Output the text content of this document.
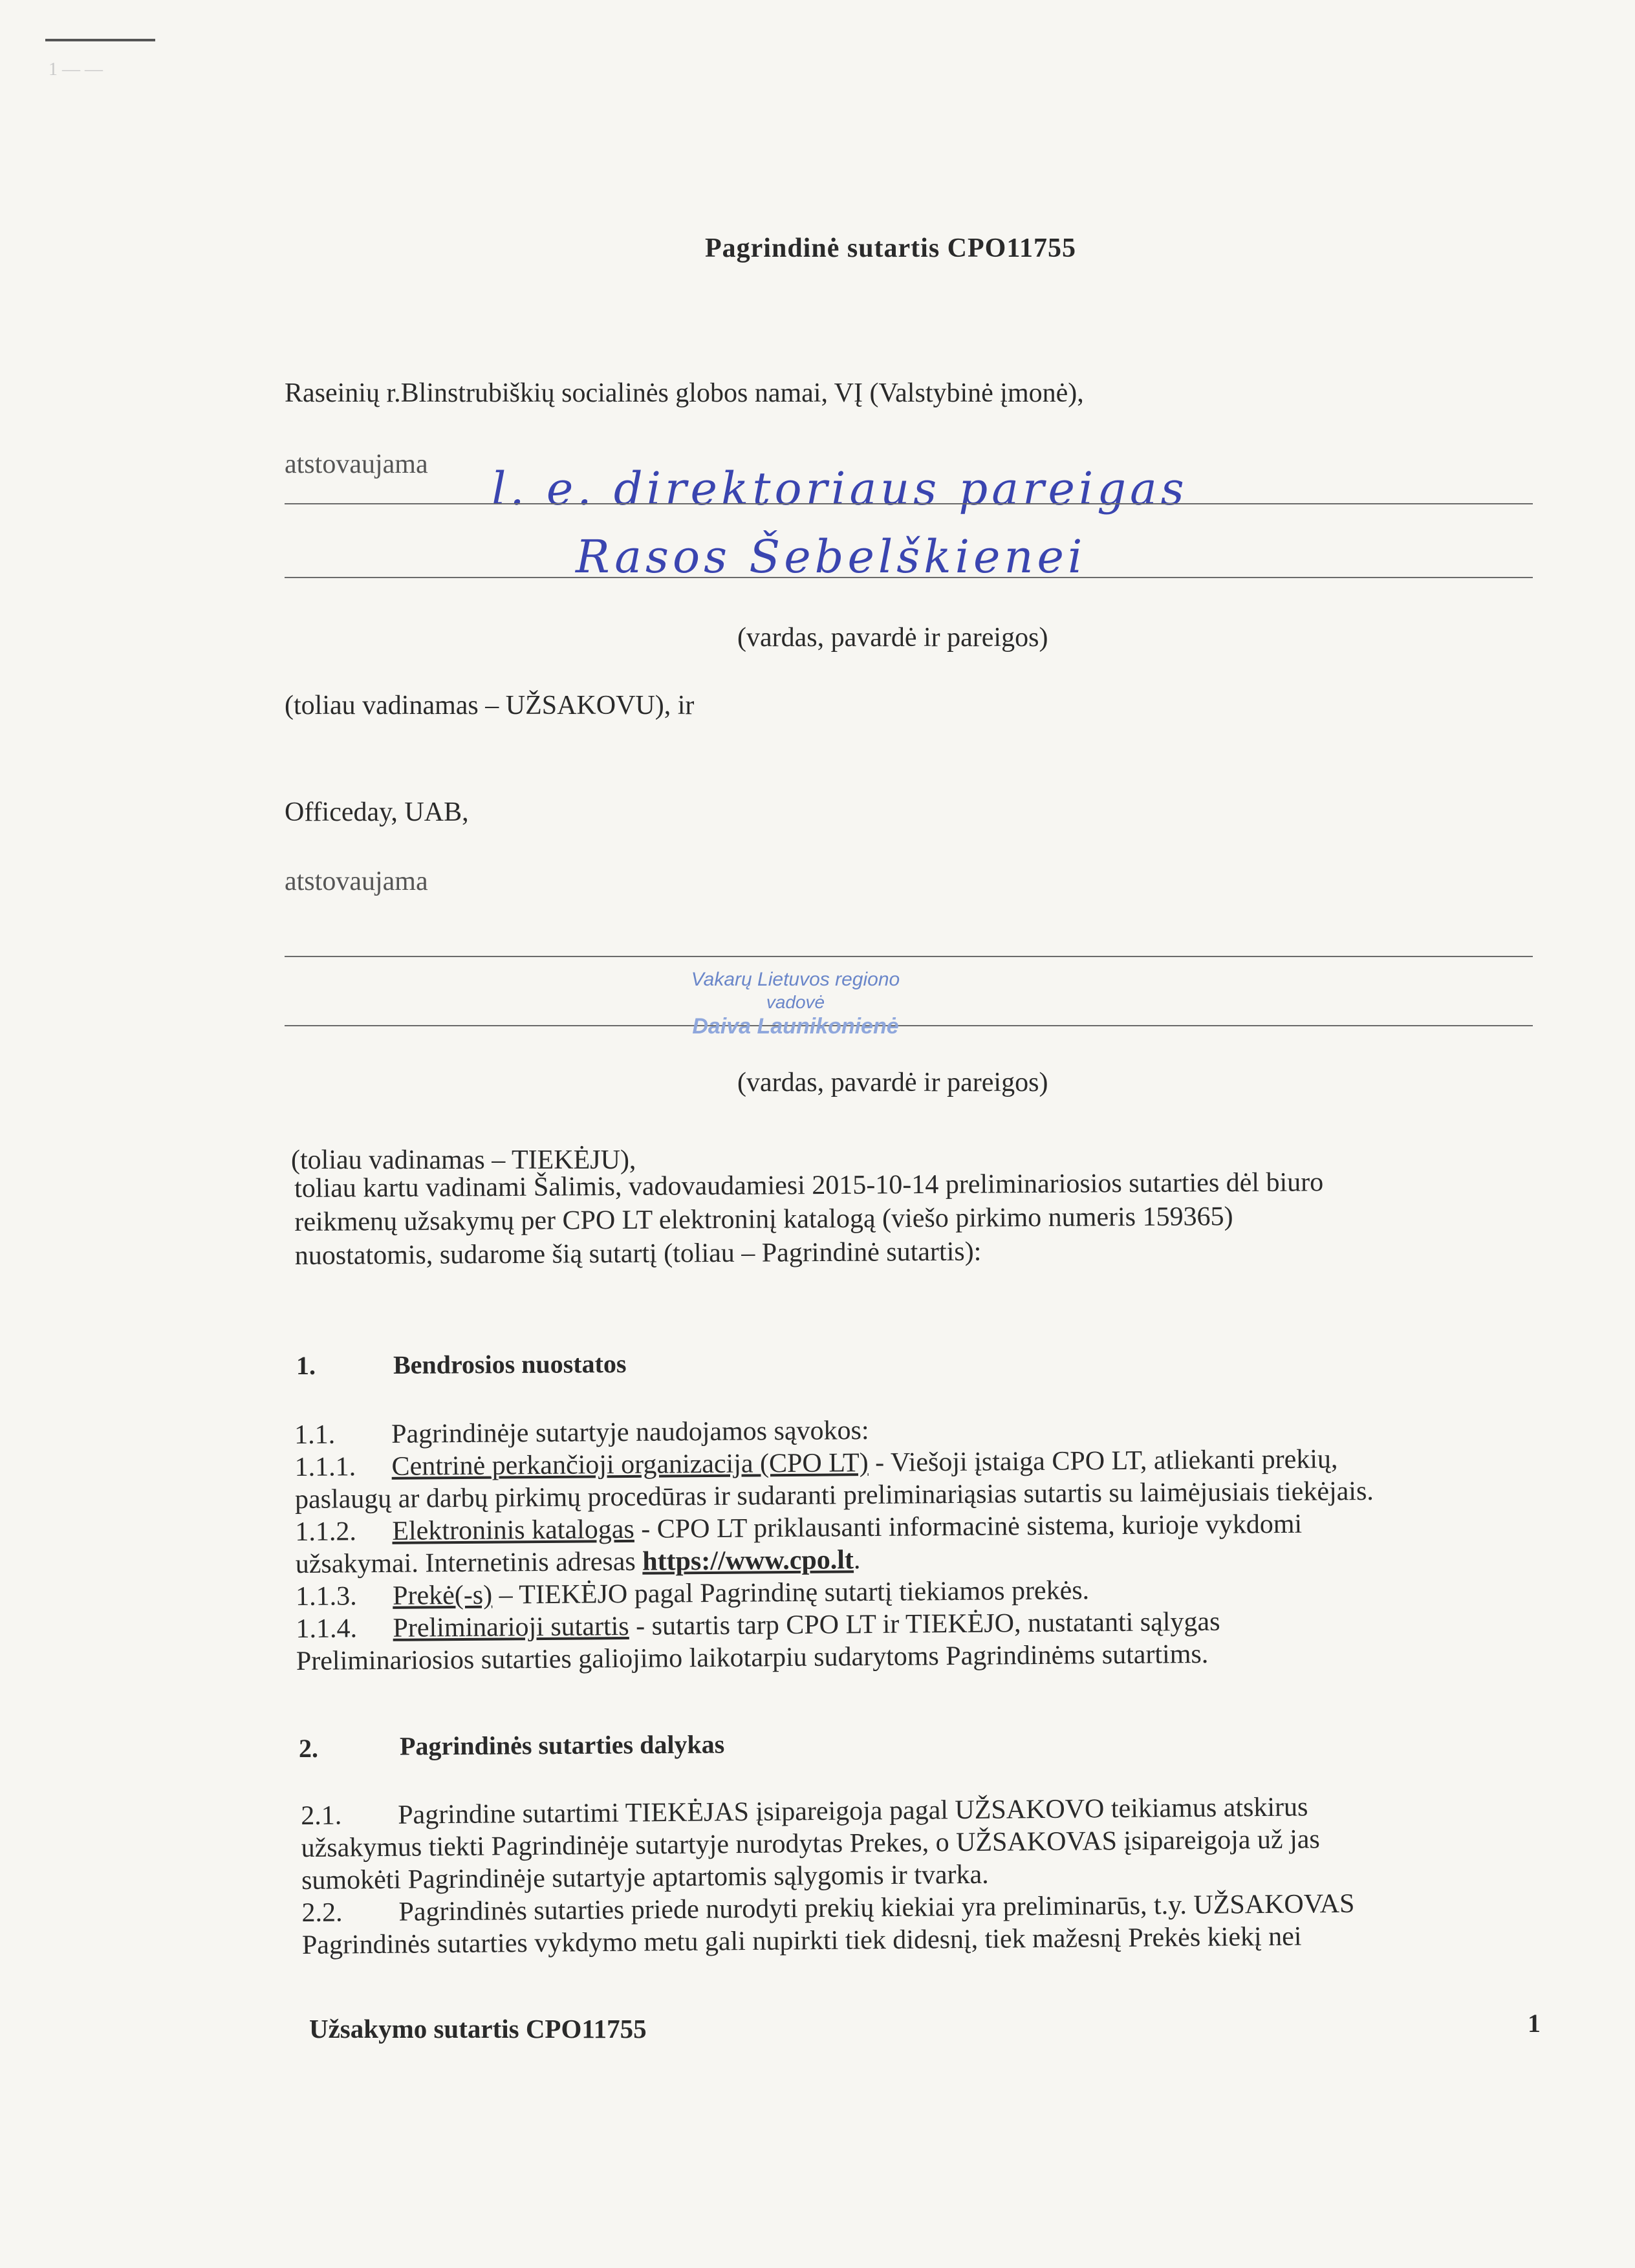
1 — —
Pagrindinė sutartis CPO11755
Raseinių r.Blinstrubiškių socialinės globos namai, VĮ (Valstybinė įmonė),
atstovaujama l. e. direktoriaus pareigas
Rasos Šebelškienei
(vardas, pavardė ir pareigos)
(toliau vadinamas – UŽSAKOVU), ir
Officeday, UAB,
atstovaujama
Vakarų Lietuvos regiono
vadovė
Daiva Launikonienė
(vardas, pavardė ir pareigos)
(toliau vadinamas – TIEKĖJU),

toliau kartu vadinami Šalimis, vadovaudamiesi 2015-10-14 preliminariosios sutarties dėl biuro

reikmenų užsakymų per CPO LT elektroninį katalogą (viešo pirkimo numeris 159365)

nuostatomis, sudarome šią sutartį (toliau – Pagrindinė sutartis):

1.	Bendrosios nuostatos

1.1. Pagrindinėje sutartyje naudojamos sąvokos:

1.1.1. Centrinė perkančioji organizacija (CPO LT) - Viešoji įstaiga CPO LT, atliekanti prekių,

paslaugų ar darbų pirkimų procedūras ir sudaranti preliminariąsias sutartis su laimėjusiais tiekėjais.

1.1.2. Elektroninis katalogas - CPO LT priklausanti informacinė sistema, kurioje vykdomi

užsakymai. Internetinis adresas https://www.cpo.lt.

1.1.3. Prekė(-s) – TIEKĖJO pagal Pagrindinę sutartį tiekiamos prekės.

1.1.4. Preliminarioji sutartis - sutartis tarp CPO LT ir TIEKĖJO, nustatanti sąlygas

Preliminariosios sutarties galiojimo laikotarpiu sudarytoms Pagrindinėms sutartims.

2.	Pagrindinės sutarties dalykas

2.1. Pagrindine sutartimi TIEKĖJAS įsipareigoja pagal UŽSAKOVO teikiamus atskirus

užsakymus tiekti Pagrindinėje sutartyje nurodytas Prekes, o UŽSAKOVAS įsipareigoja už jas

sumokėti Pagrindinėje sutartyje aptartomis sąlygomis ir tvarka.

2.2. Pagrindinės sutarties priede nurodyti prekių kiekiai yra preliminarūs, t.y. UŽSAKOVAS

Pagrindinės sutarties vykdymo metu gali nupirkti tiek didesnį, tiek mažesnį Prekės kiekį nei

Užsakymo sutartis CPO11755	1
